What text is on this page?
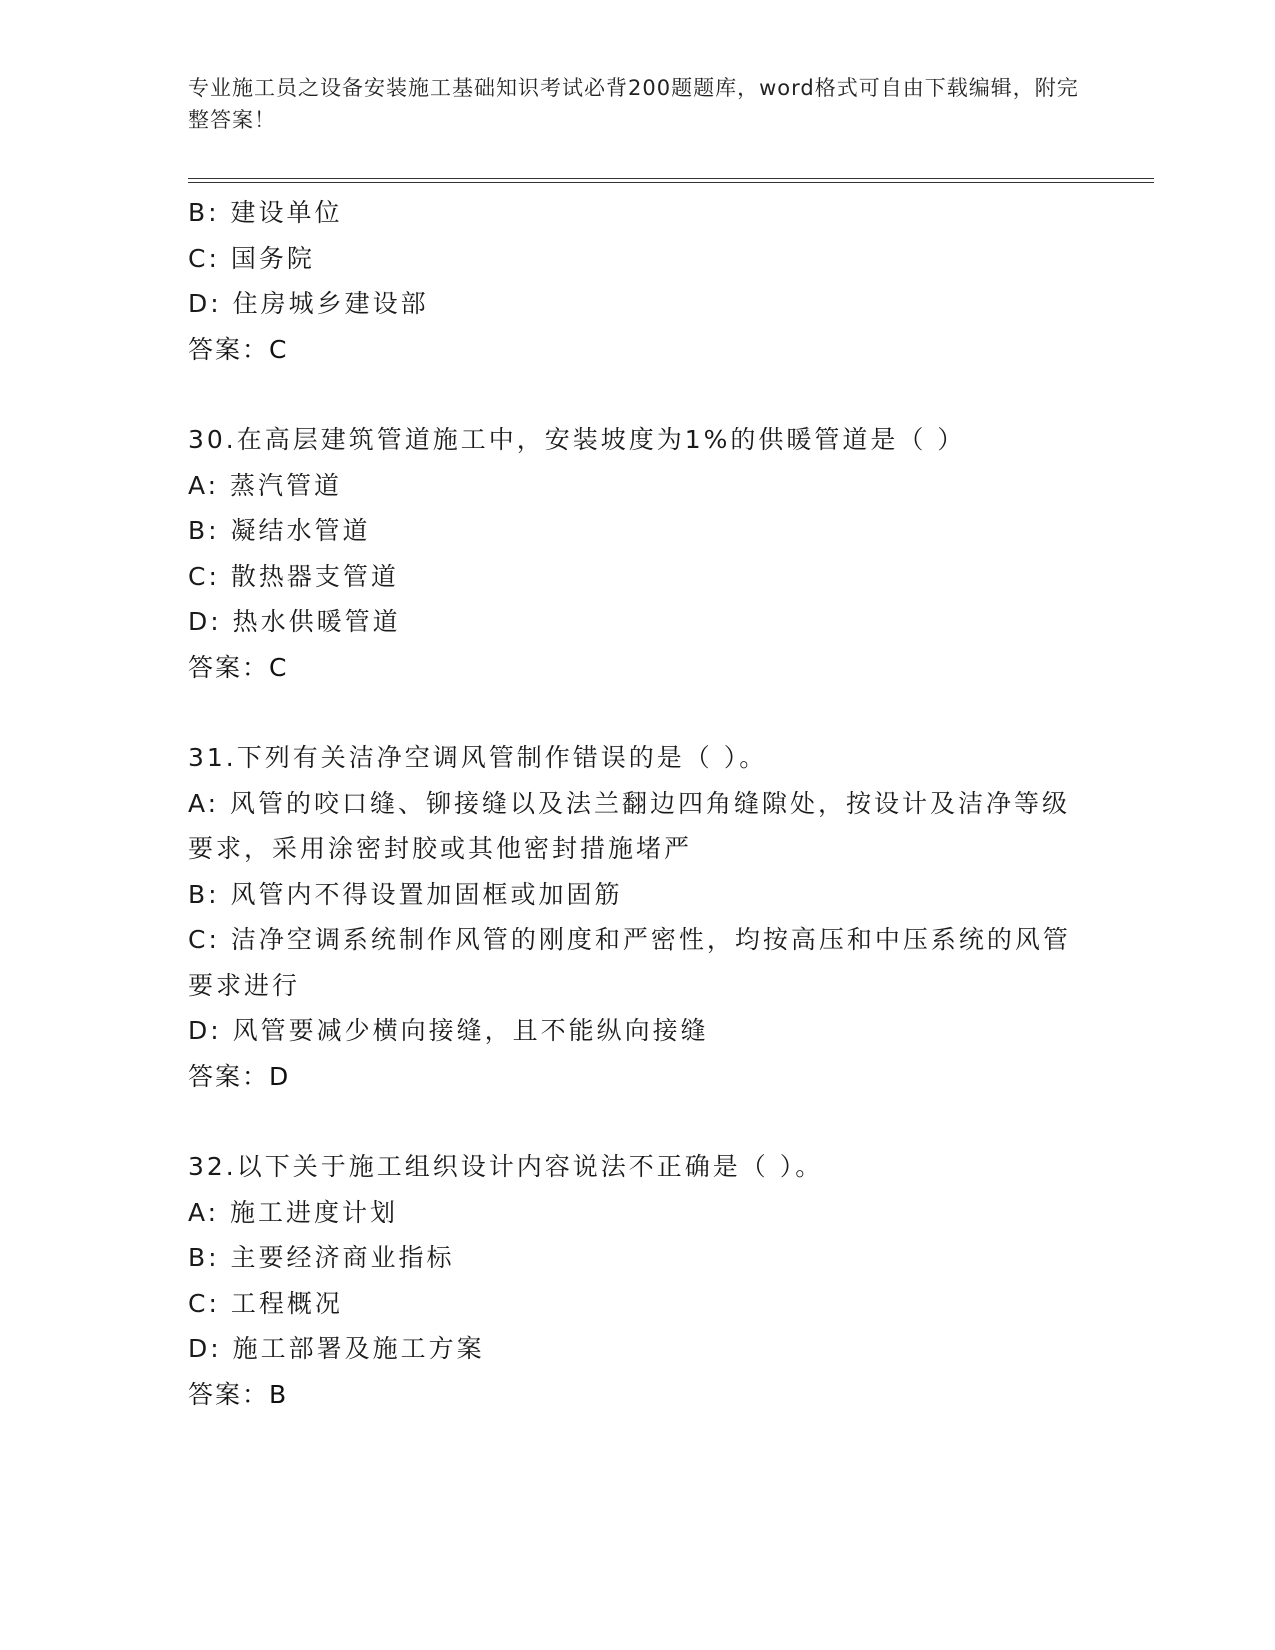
专业施工员之设备安装施工基础知识考试必背200题题库，word格式可自由下载编辑，附完整答案！
B: 建设单位
C: 国务院
D: 住房城乡建设部
答案：C
30.在高层建筑管道施工中，安装坡度为1%的供暖管道是（ ）
A: 蒸汽管道
B: 凝结水管道
C: 散热器支管道
D: 热水供暖管道
答案：C
31.下列有关洁净空调风管制作错误的是（ ）。
A: 风管的咬口缝、铆接缝以及法兰翻边四角缝隙处，按设计及洁净等级要求，采用涂密封胶或其他密封措施堵严
B: 风管内不得设置加固框或加固筋
C: 洁净空调系统制作风管的刚度和严密性，均按高压和中压系统的风管要求进行
D: 风管要减少横向接缝，且不能纵向接缝
答案：D
32.以下关于施工组织设计内容说法不正确是（ ）。
A: 施工进度计划
B: 主要经济商业指标
C: 工程概况
D: 施工部署及施工方案
答案：B
